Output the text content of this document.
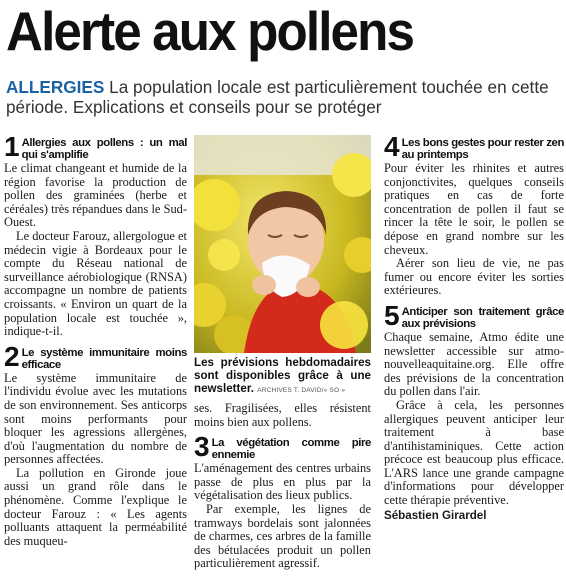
Alerte aux pollens
ALLERGIES La population locale est particulièrement touchée en cette période. Explications et conseils pour se protéger
1 Allergies aux pollens : un mal qui s'amplifie

Le climat changeant et humide de la région favorise la production de pollen des graminées (herbe et céréales) très répandues dans le Sud-Ouest.

Le docteur Farouz, allergologue et médecin vigie à Bordeaux pour le compte du Réseau national de surveillance aérobiologique (RNSA) accompagne un nombre de patients croissants. « Environ un quart de la population locale est touchée », indique-t-il.

2 Le système immunitaire moins efficace

Le système immunitaire de l'individu évolue avec les mutations de son environnement. Ses anticorps sont moins performants pour bloquer les agressions allergènes, d'où l'augmentation du nombre de personnes affectées.

La pollution en Gironde joue aussi un grand rôle dans le phénomène. Comme l'explique le docteur Farouz : « Les agents polluants attaquent la perméabilité des muqueu-

Les prévisions hebdomadaires sont disponibles grâce à une newsletter. ARCHIVES T. DAVID/« SO »

ses. Fragilisées, elles résistent moins bien aux pollens.

3 La végétation comme pire ennemie

L'aménagement des centres urbains passe de plus en plus par la végétalisation des lieux publics.

Par exemple, les lignes de tramways bordelais sont jalonnées de charmes, ces arbres de la famille des bétulacées produit un pollen particulièrement agressif.

4 Les bons gestes pour rester zen au printemps

Pour éviter les rhinites et autres conjonctivites, quelques conseils pratiques en cas de forte concentration de pollen il faut se rincer la tête le soir, le pollen se dépose en grand nombre sur les cheveux.

Aérer son lieu de vie, ne pas fumer ou encore éviter les sorties extérieures.

5 Anticiper son traitement grâce aux prévisions

Chaque semaine, Atmo édite une newsletter accessible sur atmo-nouvelleaquitaine.org. Elle offre des prévisions de la concentration du pollen dans l'air.

Grâce à cela, les personnes allergiques peuvent anticiper leur traitement à base d'antihistaminiques. Cette action précoce est beaucoup plus efficace. L'ARS lance une grande campagne d'informations pour développer cette thérapie préventive.

Sébastien Girardel
